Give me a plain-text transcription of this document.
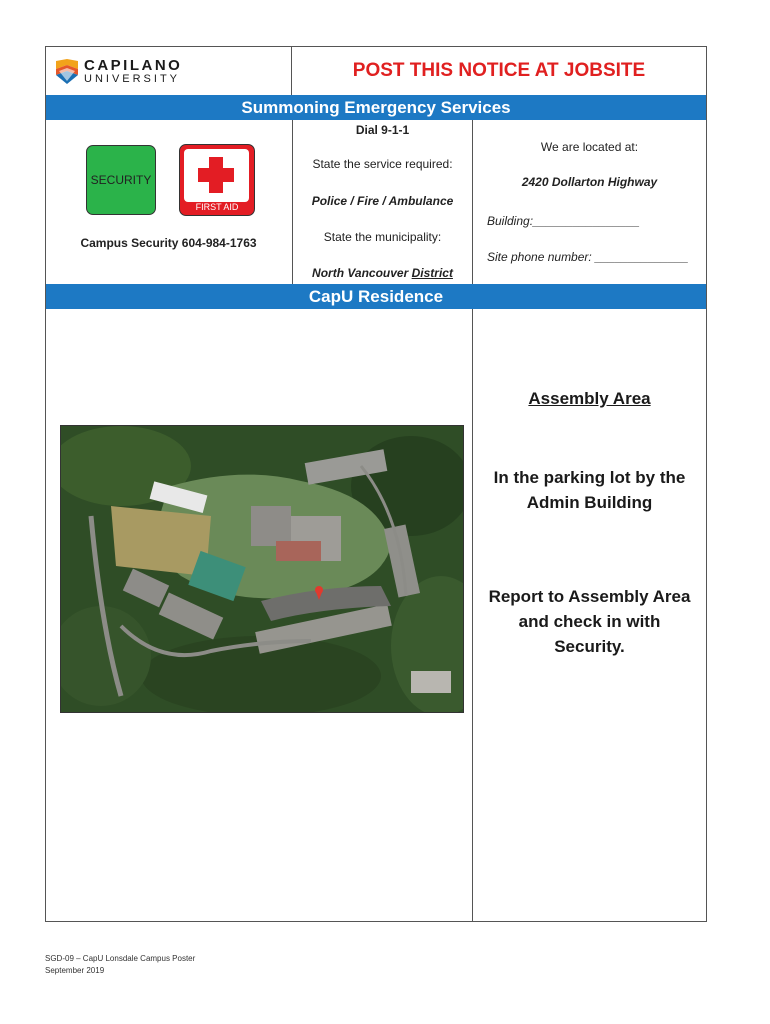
CAPILANO
UNIVERSITY	POST THIS NOTICE AT JOBSITE
Summoning Emergency Services
SECURITY
FIRST AID
Campus Security 604-984-1763
Dial 9-1-1
State the service required:
Police / Fire / Ambulance
State the municipality:
North Vancouver District
We are located at:
2420 Dollarton Highway
Building:________________
Site phone number: ______________
CapU Residence
Assembly Area
In the parking lot by the Admin Building
Report to Assembly Area and check in with Security.
SGD-09 – CapU Lonsdale Campus Poster
September 2019
